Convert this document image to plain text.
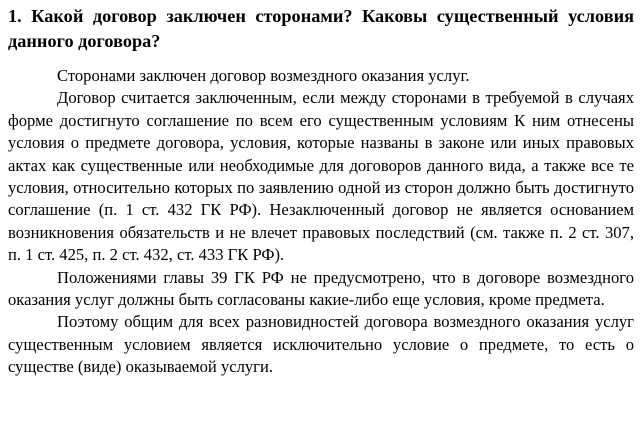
1. Какой договор заключен сторонами? Каковы существенный условия данного договора?

Сторонами заключен договор возмездного оказания услуг.

Договор считается заключенным, если между сторонами в требуемой в случаях форме достигнуто соглашение по всем его существенным условиям К ним отнесены условия о предмете договора, условия, которые названы в законе или иных правовых актах как существенные или необходимые для договоров данного вида, а также все те условия, относительно которых по заявлению одной из сторон должно быть достигнуто соглашение (п. 1 ст. 432 ГК РФ). Незаключенный договор не является основанием возникновения обязательств и не влечет правовых последствий (см. также п. 2 ст. 307, п. 1 ст. 425, п. 2 ст. 432, ст. 433 ГК РФ).

Положениями главы 39 ГК РФ не предусмотрено, что в договоре возмездного оказания услуг должны быть согласованы какие-либо еще условия, кроме предмета.

Поэтому общим для всех разновидностей договора возмездного оказания услуг существенным условием является исключительно условие о предмете, то есть о существе (виде) оказываемой услуги.
